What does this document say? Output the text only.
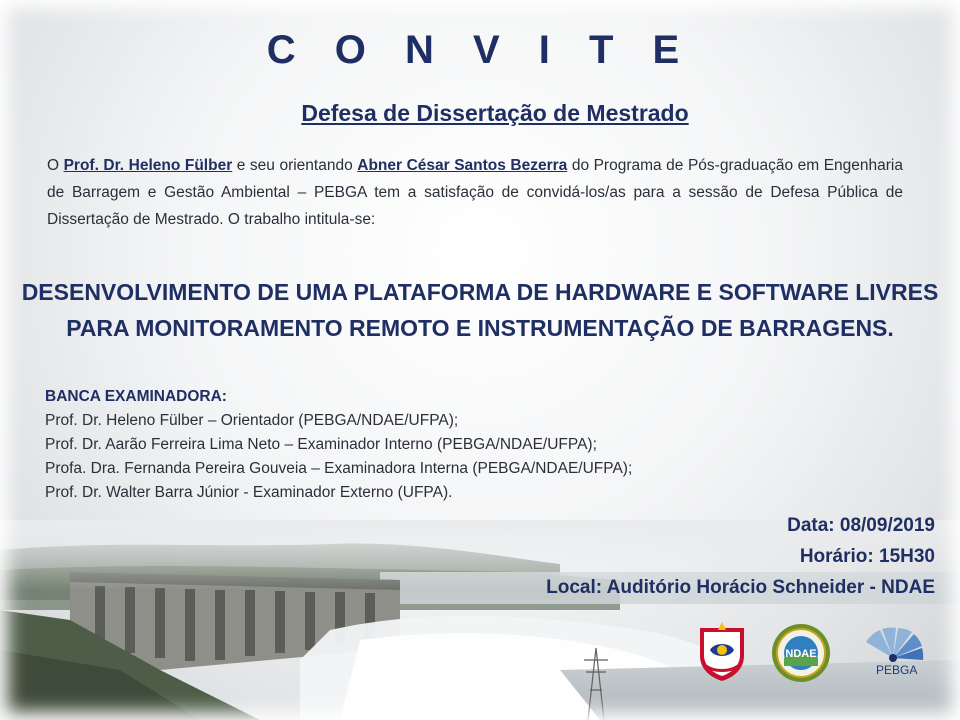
C O N V I T E
Defesa de Dissertação de Mestrado
O Prof. Dr. Heleno Fülber e seu orientando Abner César Santos Bezerra do Programa de Pós-graduação em Engenharia de Barragem e Gestão Ambiental – PEBGA tem a satisfação de convidá-los/as para a sessão de Defesa Pública de Dissertação de Mestrado. O trabalho intitula-se:
DESENVOLVIMENTO DE UMA PLATAFORMA DE HARDWARE E SOFTWARE LIVRES
PARA MONITORAMENTO REMOTO E INSTRUMENTAÇÃO DE BARRAGENS.
BANCA EXAMINADORA:
Prof. Dr. Heleno Fülber – Orientador (PEBGA/NDAE/UFPA);
Prof. Dr. Aarão Ferreira Lima Neto – Examinador Interno (PEBGA/NDAE/UFPA);
Profa. Dra. Fernanda Pereira Gouveia – Examinadora Interna (PEBGA/NDAE/UFPA);
Prof. Dr. Walter Barra Júnior - Examinador Externo (UFPA).
Data: 08/09/2019
Horário: 15H30
Local: Auditório Horácio Schneider - NDAE
NDAE
PEBGA
